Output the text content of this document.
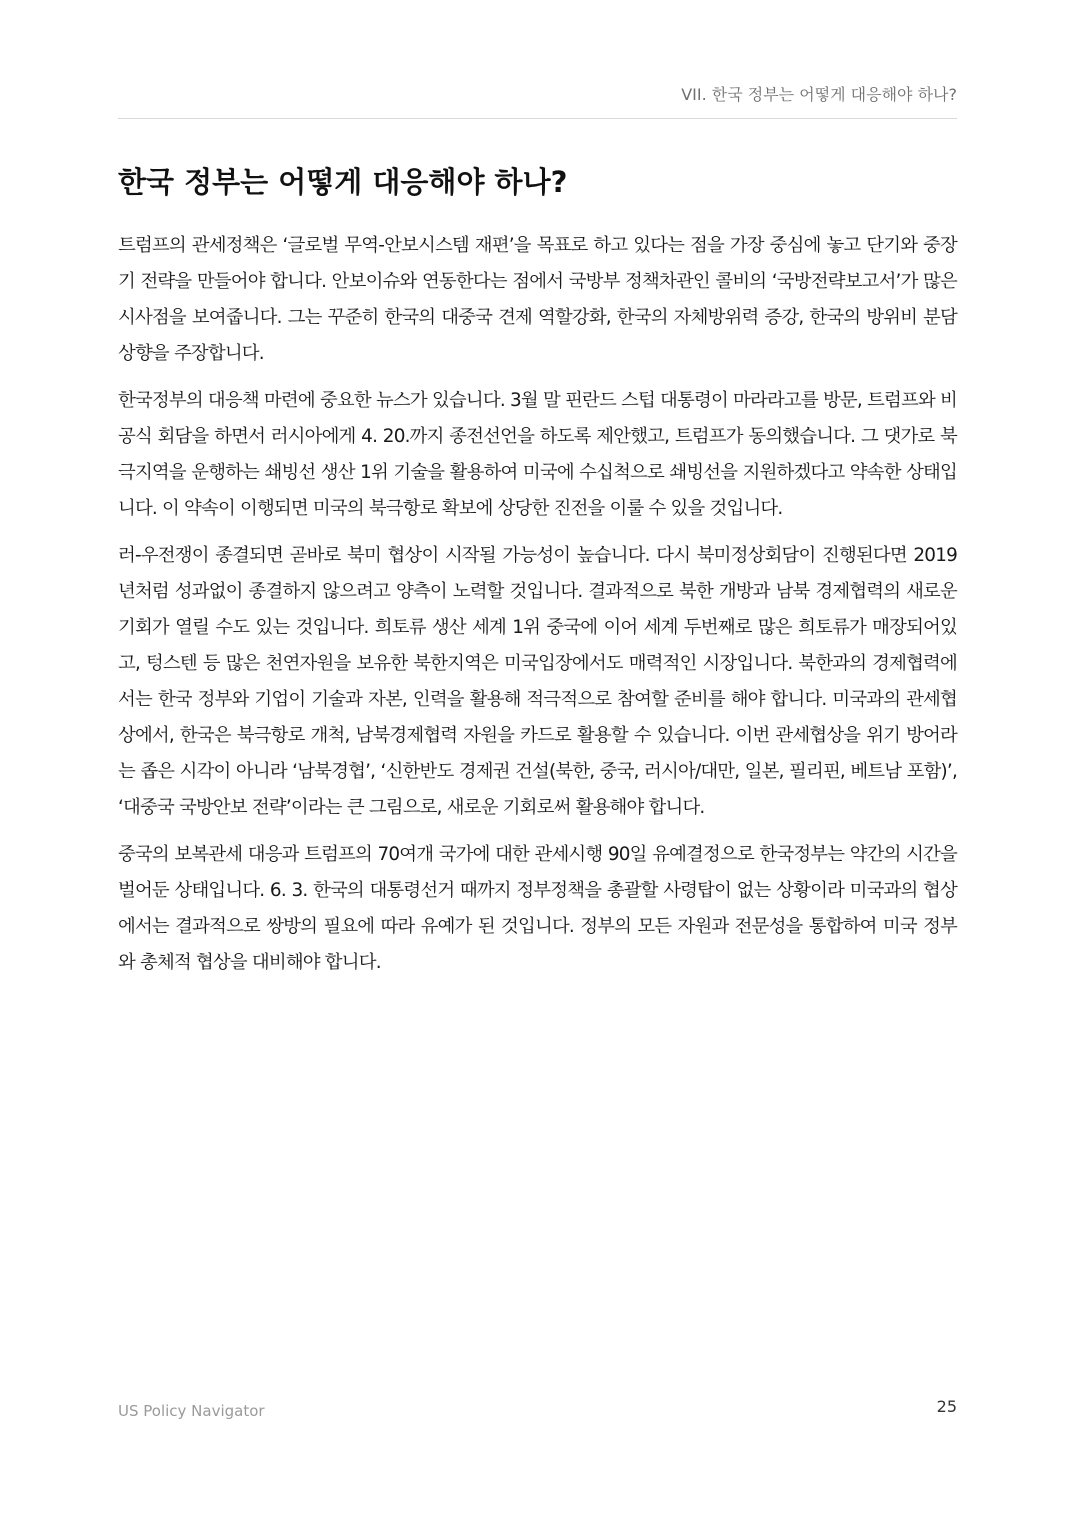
VII. 한국 정부는 어떻게 대응해야 하나?
한국 정부는 어떻게 대응해야 하나?

트럼프의 관세정책은 ‘글로벌 무역-안보시스템 재편’을 목표로 하고 있다는 점을 가장 중심에 놓고 단기와 중장기 전략을 만들어야 합니다. 안보이슈와 연동한다는 점에서 국방부 정책차관인 콜비의 ‘국방전략보고서’가 많은 시사점을 보여줍니다. 그는 꾸준히 한국의 대중국 견제 역할강화, 한국의 자체방위력 증강, 한국의 방위비 분담상향을 주장합니다.

한국정부의 대응책 마련에 중요한 뉴스가 있습니다. 3월 말 핀란드 스텁 대통령이 마라라고를 방문, 트럼프와 비공식 회담을 하면서 러시아에게 4. 20.까지 종전선언을 하도록 제안했고, 트럼프가 동의했습니다. 그 댓가로 북극지역을 운행하는 쇄빙선 생산 1위 기술을 활용하여 미국에 수십척으로 쇄빙선을 지원하겠다고 약속한 상태입니다. 이 약속이 이행되면 미국의 북극항로 확보에 상당한 진전을 이룰 수 있을 것입니다.

러-우전쟁이 종결되면 곧바로 북미 협상이 시작될 가능성이 높습니다. 다시 북미정상회담이 진행된다면 2019년처럼 성과없이 종결하지 않으려고 양측이 노력할 것입니다. 결과적으로 북한 개방과 남북 경제협력의 새로운 기회가 열릴 수도 있는 것입니다. 희토류 생산 세계 1위 중국에 이어 세계 두번째로 많은 희토류가 매장되어있고, 텅스텐 등 많은 천연자원을 보유한 북한지역은 미국입장에서도 매력적인 시장입니다. 북한과의 경제협력에서는 한국 정부와 기업이 기술과 자본, 인력을 활용해 적극적으로 참여할 준비를 해야 합니다. 미국과의 관세협상에서, 한국은 북극항로 개척, 남북경제협력 자원을 카드로 활용할 수 있습니다. 이번 관세협상을 위기 방어라는 좁은 시각이 아니라 ‘남북경협’, ‘신한반도 경제권 건설(북한, 중국, 러시아/대만, 일본, 필리핀, 베트남 포함)’, ‘대중국 국방안보 전략’이라는 큰 그림으로, 새로운 기회로써 활용해야 합니다.

중국의 보복관세 대응과 트럼프의 70여개 국가에 대한 관세시행 90일 유예결정으로 한국정부는 약간의 시간을 벌어둔 상태입니다. 6. 3. 한국의 대통령선거 때까지 정부정책을 총괄할 사령탑이 없는 상황이라 미국과의 협상에서는 결과적으로 쌍방의 필요에 따라 유예가 된 것입니다. 정부의 모든 자원과 전문성을 통합하여 미국 정부와 총체적 협상을 대비해야 합니다.

US Policy Navigator	25
